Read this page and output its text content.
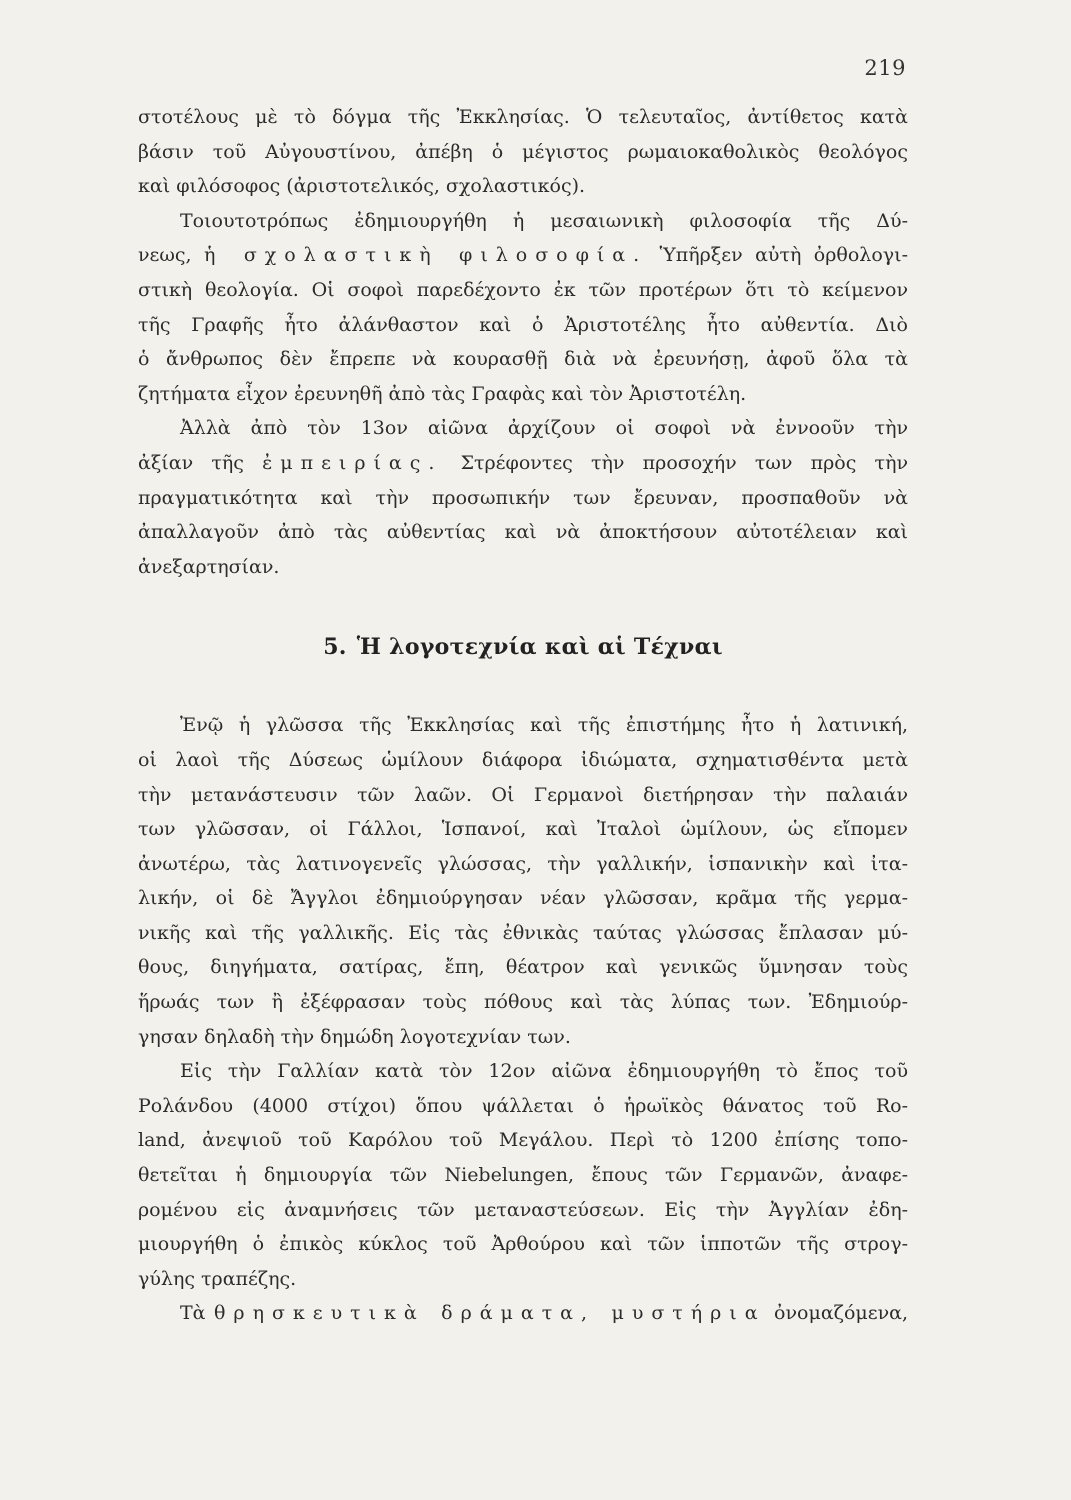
219
στοτέλους μὲ τὸ δόγμα τῆς Ἐκκλησίας. Ὁ τελευταῖος, ἀντίθετος κατὰ
βάσιν τοῦ Αὐγουστίνου, ἀπέβη ὁ μέγιστος ρωμαιοκαθολικὸς θεολόγος
καὶ φιλόσοφος (ἀριστοτελικός, σχολαστικός).
Τοιουτοτρόπως ἐδημιουργήθη ἡ μεσαιωνικὴ φιλοσοφία τῆς Δύ-
νεως, ἡ σχολαστικὴ φιλοσοφία. Ὑπῆρξεν αὐτὴ ὀρθολογι-
στικὴ θεολογία. Οἱ σοφοὶ παρεδέχοντο ἐκ τῶν προτέρων ὅτι τὸ κείμενον
τῆς Γραφῆς ἦτο ἀλάνθαστον καὶ ὁ Ἀριστοτέλης ἦτο αὐθεντία. Διὸ
ὁ ἄνθρωπος δὲν ἔπρεπε νὰ κουρασθῇ διὰ νὰ ἐρευνήσῃ, ἀφοῦ ὅλα τὰ
ζητήματα εἶχον ἐρευνηθῆ ἀπὸ τὰς Γραφὰς καὶ τὸν Ἀριστοτέλη.
Ἀλλὰ ἀπὸ τὸν 13ον αἰῶνα ἀρχίζουν οἱ σοφοὶ νὰ ἐννοοῦν τὴν
ἀξίαν τῆς ἐμπειρίας. Στρέφοντες τὴν προσοχήν των πρὸς τὴν
πραγματικότητα καὶ τὴν προσωπικήν των ἔρευναν, προσπαθοῦν νὰ
ἀπαλλαγοῦν ἀπὸ τὰς αὐθεντίας καὶ νὰ ἀποκτήσουν αὐτοτέλειαν καὶ
ἀνεξαρτησίαν.
5. Ἡ λογοτεχνία καὶ αἱ Τέχναι
Ἐνῷ ἡ γλῶσσα τῆς Ἐκκλησίας καὶ τῆς ἐπιστήμης ἦτο ἡ λατινική,
οἱ λαοὶ τῆς Δύσεως ὡμίλουν διάφορα ἰδιώματα, σχηματισθέντα μετὰ
τὴν μετανάστευσιν τῶν λαῶν. Οἱ Γερμανοὶ διετήρησαν τὴν παλαιάν
των γλῶσσαν, οἱ Γάλλοι, Ἱσπανοί, καὶ Ἰταλοὶ ὡμίλουν, ὡς εἴπομεν
ἀνωτέρω, τὰς λατινογενεῖς γλώσσας, τὴν γαλλικήν, ἱσπανικὴν καὶ ἰτα-
λικήν, οἱ δὲ Ἄγγλοι ἐδημιούργησαν νέαν γλῶσσαν, κρᾶμα τῆς γερμα-
νικῆς καὶ τῆς γαλλικῆς. Εἰς τὰς ἐθνικὰς ταύτας γλώσσας ἔπλασαν μύ-
θους, διηγήματα, σατίρας, ἔπη, θέατρον καὶ γενικῶς ὕμνησαν τοὺς
ἥρωάς των ἢ ἐξέφρασαν τοὺς πόθους καὶ τὰς λύπας των. Ἐδημιούρ-
γησαν δηλαδὴ τὴν δημώδη λογοτεχνίαν των.
Εἰς τὴν Γαλλίαν κατὰ τὸν 12ον αἰῶνα ἐδημιουργήθη τὸ ἔπος τοῦ
Ρολάνδου (4000 στίχοι) ὅπου ψάλλεται ὁ ἡρωϊκὸς θάνατος τοῦ Ro-
land, ἀνεψιοῦ τοῦ Καρόλου τοῦ Μεγάλου. Περὶ τὸ 1200 ἐπίσης τοπο-
θετεῖται ἡ δημιουργία τῶν Niebelungen, ἔπους τῶν Γερμανῶν, ἀναφε-
ρομένου εἰς ἀναμνήσεις τῶν μεταναστεύσεων. Εἰς τὴν Ἀγγλίαν ἐδη-
μιουργήθη ὁ ἐπικὸς κύκλος τοῦ Ἀρθούρου καὶ τῶν ἱπποτῶν τῆς στρογ-
γύλης τραπέζης.
Τὰ θρησκευτικὰ δράματα, μυστήρια ὀνομαζόμενα,
